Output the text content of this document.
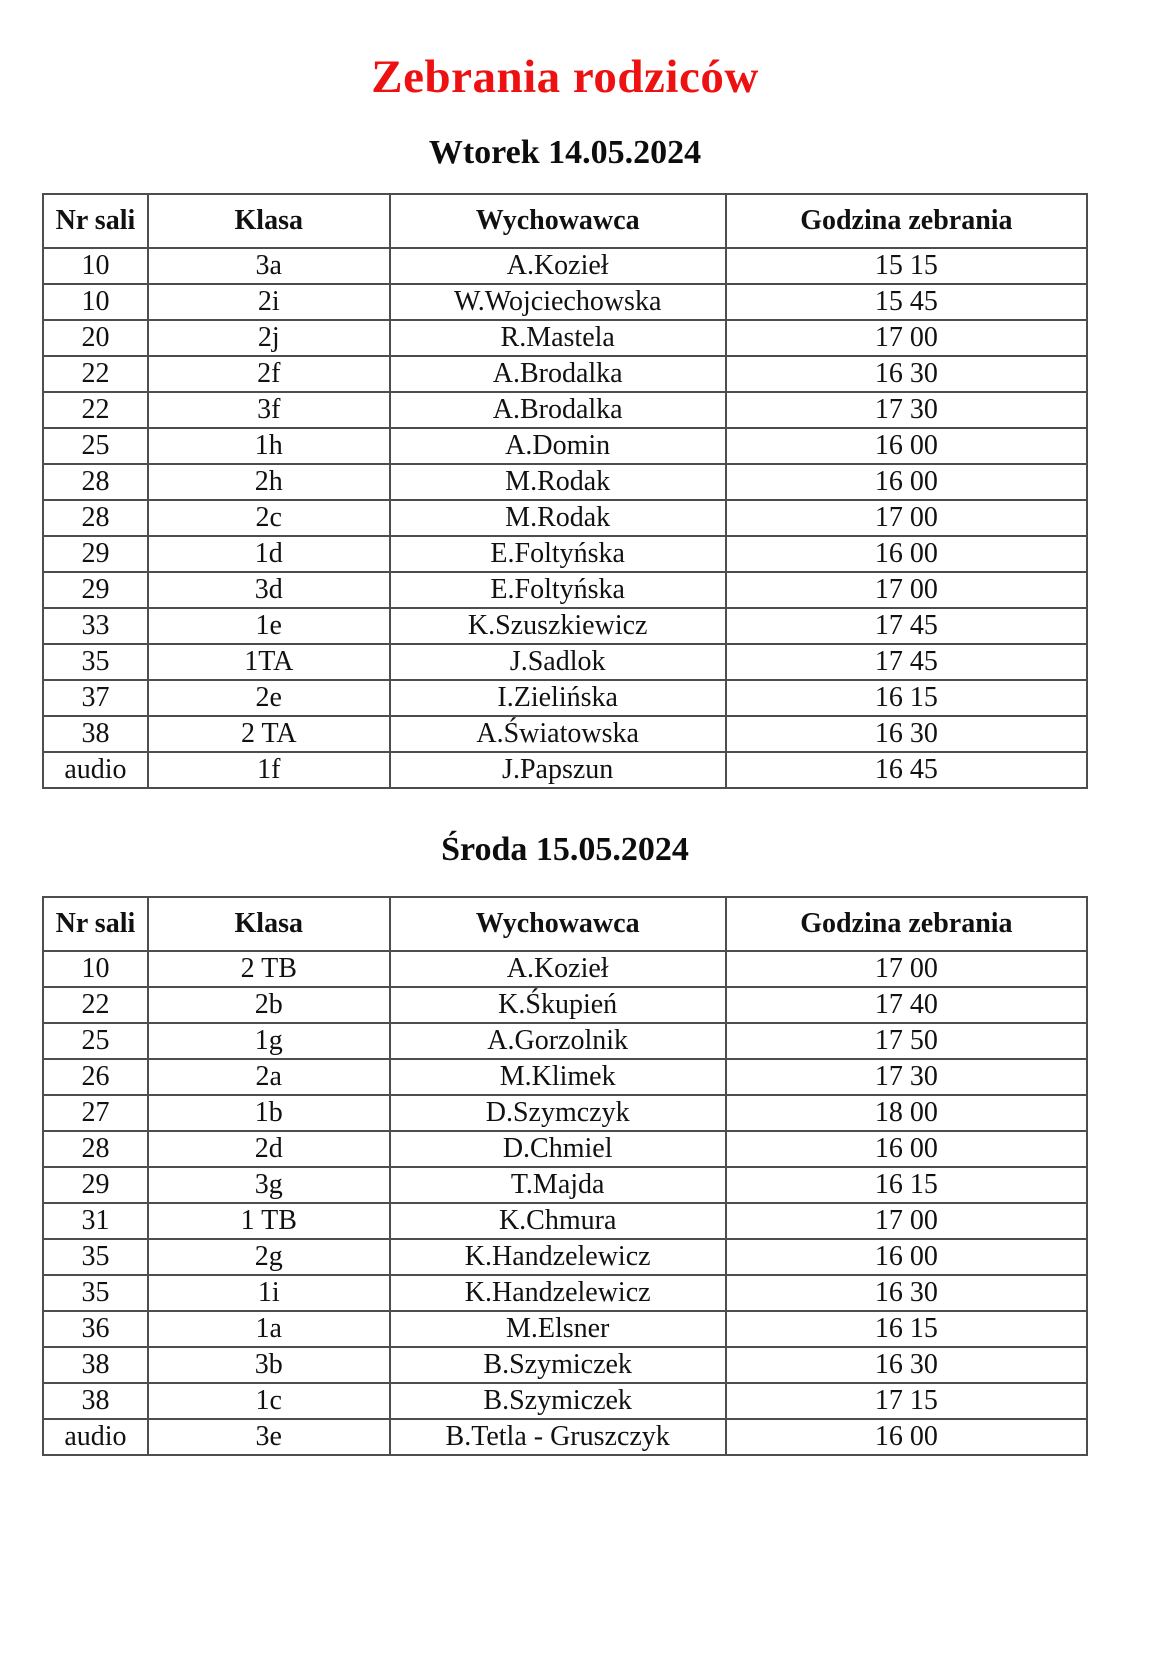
Zebrania rodziców
Wtorek 14.05.2024
Nr sali	Klasa	Wychowawca	Godzina zebrania
10	3a	A.Kozieł	15 15
10	2i	W.Wojciechowska	15 45
20	2j	R.Mastela	17 00
22	2f	A.Brodalka	16 30
22	3f	A.Brodalka	17 30
25	1h	A.Domin	16 00
28	2h	M.Rodak	16 00
28	2c	M.Rodak	17 00
29	1d	E.Foltyńska	16 00
29	3d	E.Foltyńska	17 00
33	1e	K.Szuszkiewicz	17 45
35	1TA	J.Sadlok	17 45
37	2e	I.Zielińska	16 15
38	2 TA	A.Światowska	16 30
audio	1f	J.Papszun	16 45
Środa 15.05.2024
Nr sali	Klasa	Wychowawca	Godzina zebrania
10	2 TB	A.Kozieł	17 00
22	2b	K.Śkupień	17 40
25	1g	A.Gorzolnik	17 50
26	2a	M.Klimek	17 30
27	1b	D.Szymczyk	18 00
28	2d	D.Chmiel	16 00
29	3g	T.Majda	16 15
31	1 TB	K.Chmura	17 00
35	2g	K.Handzelewicz	16 00
35	1i	K.Handzelewicz	16 30
36	1a	M.Elsner	16 15
38	3b	B.Szymiczek	16 30
38	1c	B.Szymiczek	17 15
audio	3e	B.Tetla - Gruszczyk	16 00
